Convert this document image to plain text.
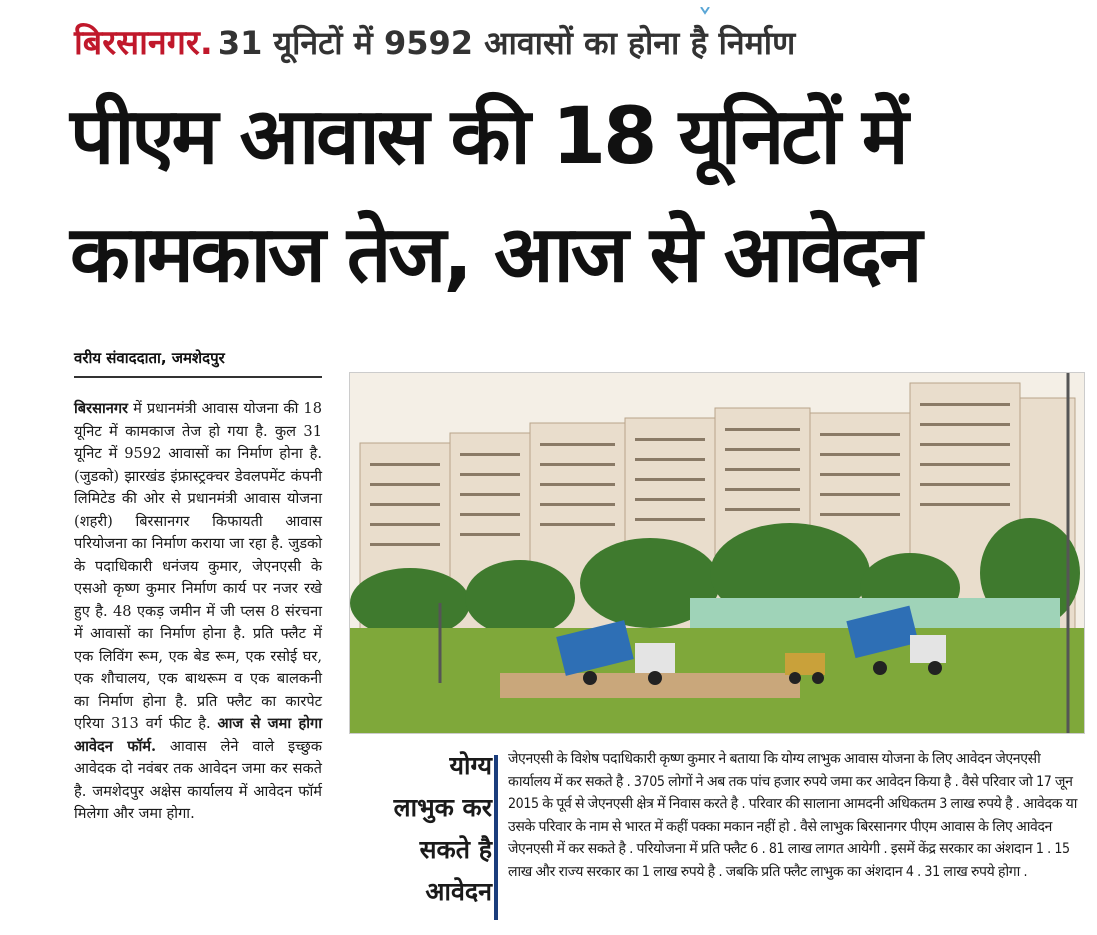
बिरसानगर. 31 यूनिटों में 9592 आवासों का होना है निर्माण
पीएम आवास की 18 यूनिटों में
कामकाज तेज, आज से आवेदन
वरीय संवाददाता, जमशेदपुर
बिरसानगर में प्रधानमंत्री आवास योजना की 18 यूनिट में कामकाज तेज हो गया है. कुल 31 यूनिट में 9592 आवासों का निर्माण होना है. (जुडको) झारखंड इंफ्रास्ट्रक्चर डेवलपमेंट कंपनी लिमिटेड की ओर से प्रधानमंत्री आवास योजना (शहरी) बिरसानगर किफायती आवास परियोजना का निर्माण कराया जा रहा है. जुडको के पदाधिकारी धनंजय कुमार, जेएनएसी के एसओ कृष्ण कुमार निर्माण कार्य पर नजर रखे हुए है. 48 एकड़ जमीन में जी प्लस 8 संरचना में आवासों का निर्माण होना है. प्रति फ्लैट में एक लिविंग रूम, एक बेड रूम, एक रसोई घर, एक शौचालय, एक बाथरूम व एक बालकनी का निर्माण होना है. प्रति फ्लैट का कारपेट एरिया 313 वर्ग फीट है. आज से जमा होगा आवेदन फॉर्म. आवास लेने वाले इच्छुक आवेदक दो नवंबर तक आवेदन जमा कर सकते है. जमशेदपुर अक्षेस कार्यालय में आवेदन फॉर्म मिलेगा और जमा होगा.
योग्य
लाभुक कर
सकते है
आवेदन
जेएनएसी के विशेष पदाधिकारी कृष्ण कुमार ने बताया कि योग्य लाभुक आवास योजना के लिए आवेदन जेएनएसी कार्यालय में कर सकते है . 3705 लोगों ने अब तक पांच हजार रुपये जमा कर आवेदन किया है . वैसे परिवार जो 17 जून 2015 के पूर्व से जेएनएसी क्षेत्र में निवास करते है . परिवार की सालाना आमदनी अधिकतम 3 लाख रुपये है . आवेदक या उसके परिवार के नाम से भारत में कहीं पक्का मकान नहीं हो . वैसे लाभुक बिरसानगर पीएम आवास के लिए आवेदन जेएनएसी में कर सकते है . परियोजना में प्रति फ्लैट 6 . 81 लाख लागत आयेगी . इसमें केंद्र सरकार का अंशदान 1 . 15 लाख और राज्य सरकार का 1 लाख रुपये है . जबकि प्रति फ्लैट लाभुक का अंशदान 4 . 31 लाख रुपये होगा .
